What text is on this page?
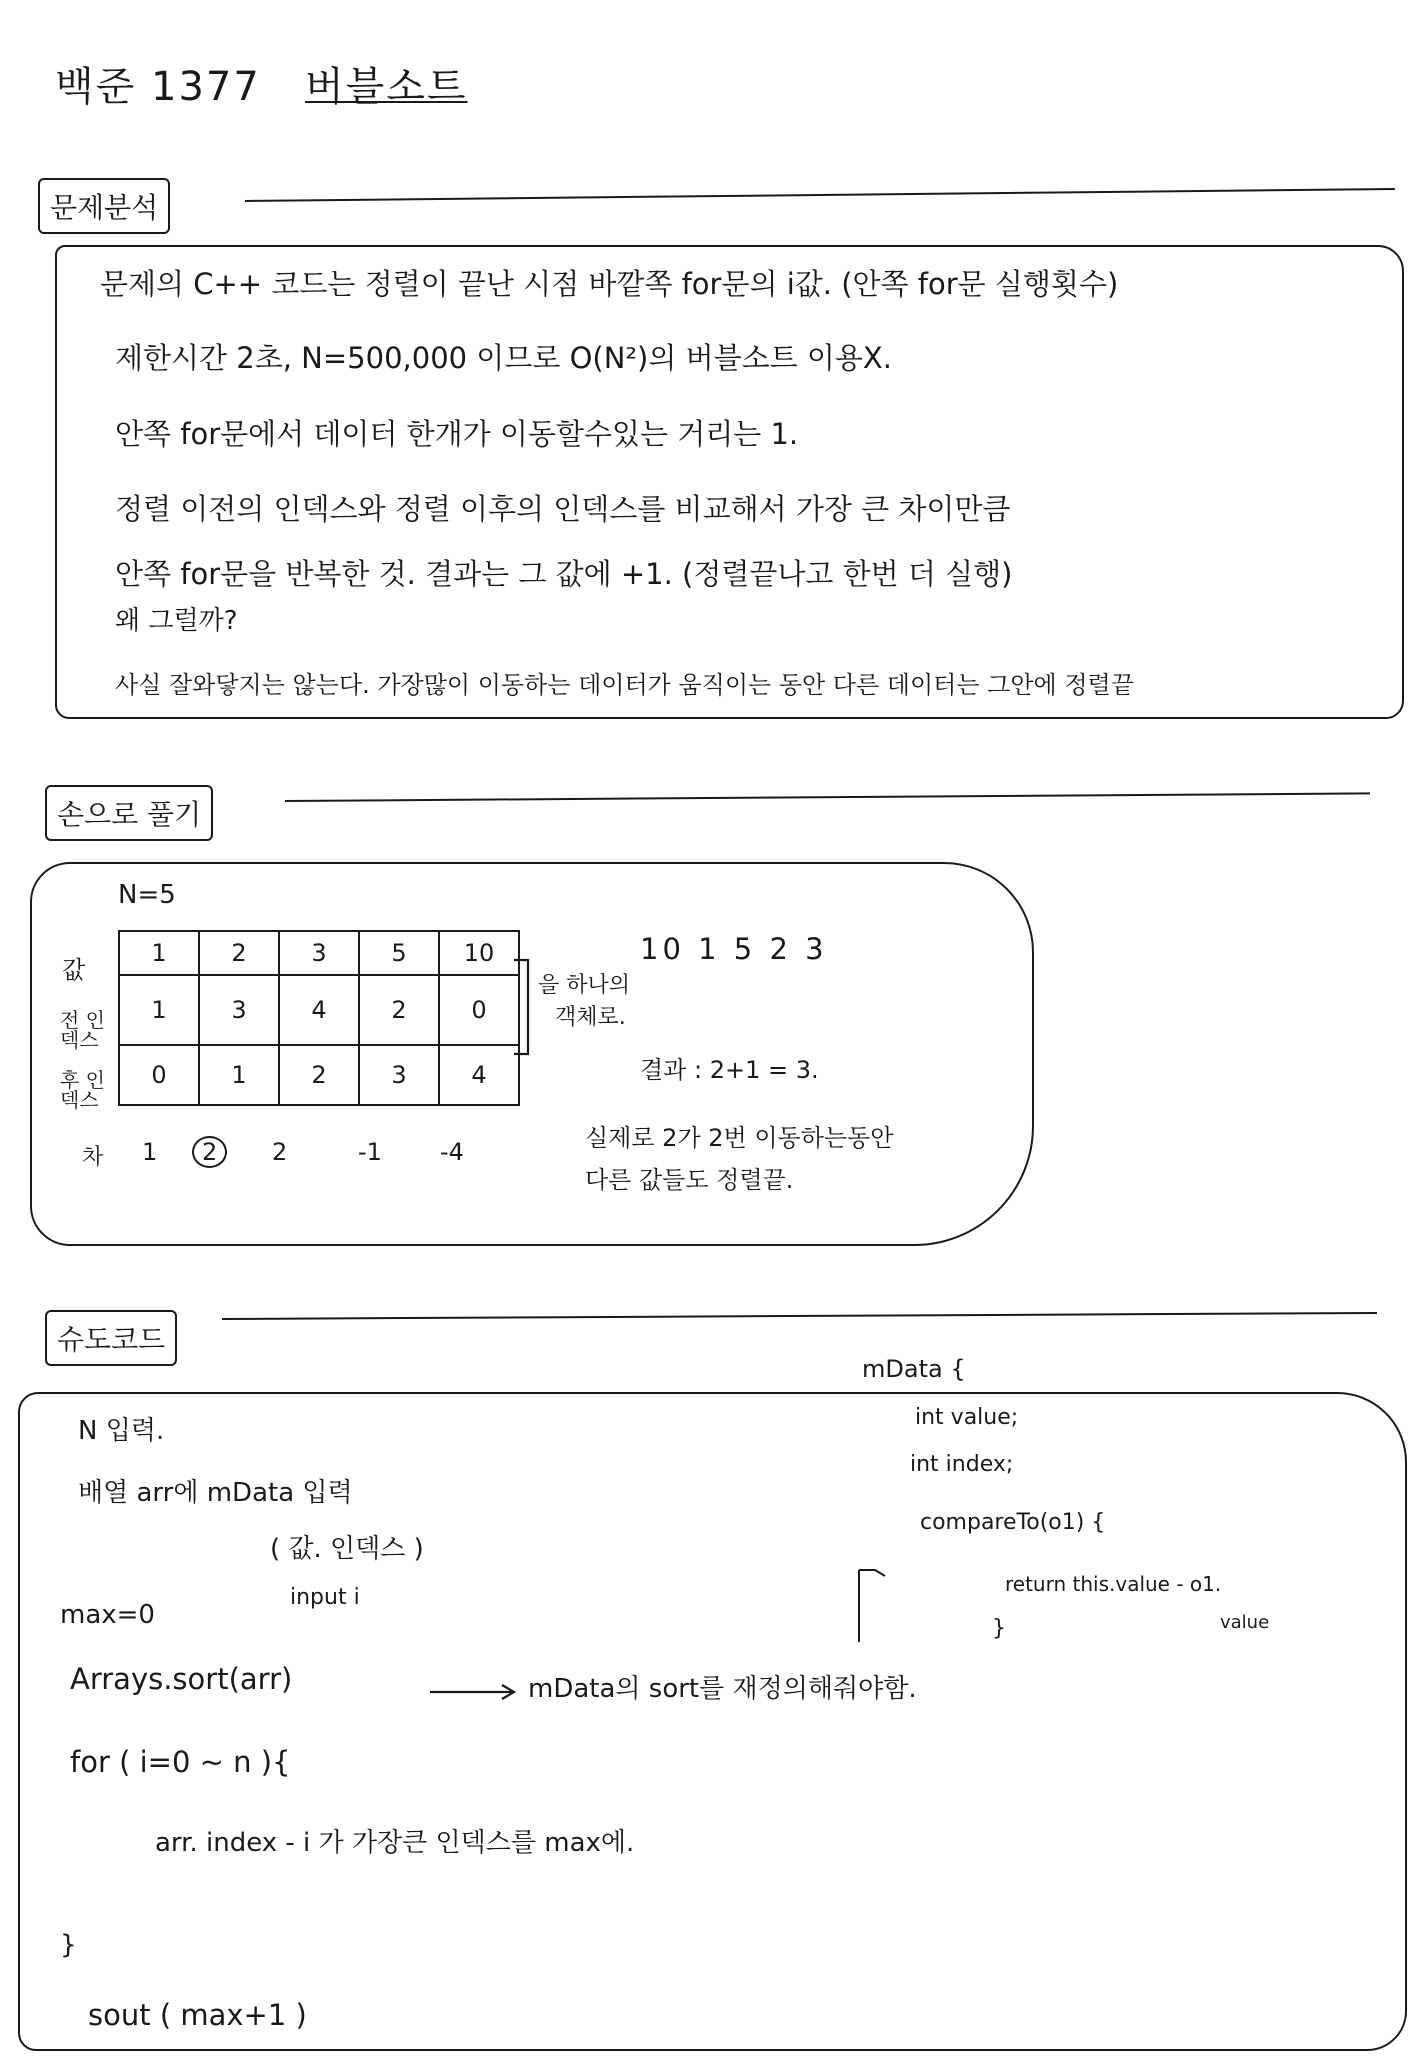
백준 1377 버블소트
문제분석
문제의 C++ 코드는 정렬이 끝난 시점 바깥쪽 for문의 i값. (안쪽 for문 실행횟수)
제한시간 2초, N=500,000 이므로 O(N²)의 버블소트 이용X.
안쪽 for문에서 데이터 한개가 이동할수있는 거리는 1.
정렬 이전의 인덱스와 정렬 이후의 인덱스를 비교해서 가장 큰 차이만큼
안쪽 for문을 반복한 것. 결과는 그 값에 +1. (정렬끝나고 한번 더 실행)
왜 그럴까?
사실 잘와닿지는 않는다. 가장많이 이동하는 데이터가 움직이는 동안 다른 데이터는 그안에 정렬끝
손으로 풀기
N=5
값
전 인덱스
후 인덱스
차
1	2	3	5	10
1	3	4	2	0
0	1	2	3	4
1	2	2	-1 -4
을 하나의
객체로.
10 1 5 2 3
결과 : 2+1 = 3.
실제로 2가 2번 이동하는동안
다른 값들도 정렬끝.
슈도코드
N 입력.
배열 arr에 mData 입력
( 값. 인덱스 )
input i
max=0
Arrays.sort(arr)	mData의 sort를 재정의해줘야함.
for ( i=0 ~ n ){
arr. index - i 가 가장큰 인덱스를 max에.
}
sout ( max+1 )
mData {
int value;
int index;
compareTo(o1) {
return this.value - o1.
value
}
